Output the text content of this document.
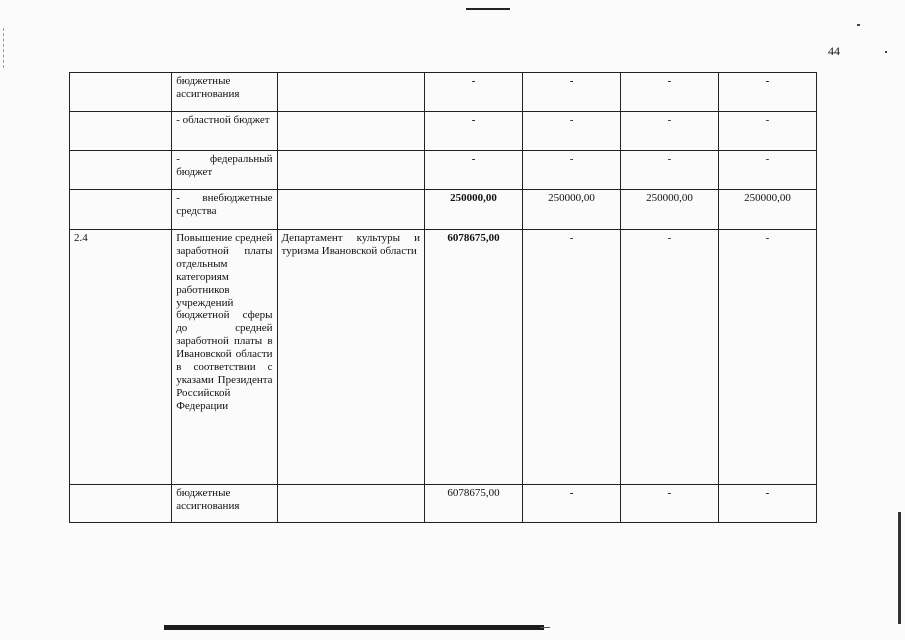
44
	бюджетные ассигнования		-	-	-	-
	- областной бюджет		-	-	-	-
	- федеральный бюджет		-	-	-	-
	- внебюджетные средства		250000,00	250000,00	250000,00	250000,00
2.4	Повышение средней заработной платы отдельным категориям работников учреждений бюджетной сферы до средней заработной платы в Ивановской области в соответствии с указами Президента Российской Федерации	Департамент культуры и туризма Ивановской области	6078675,00	-	-	-
	бюджетные ассигнования		6078675,00	-	-	-
